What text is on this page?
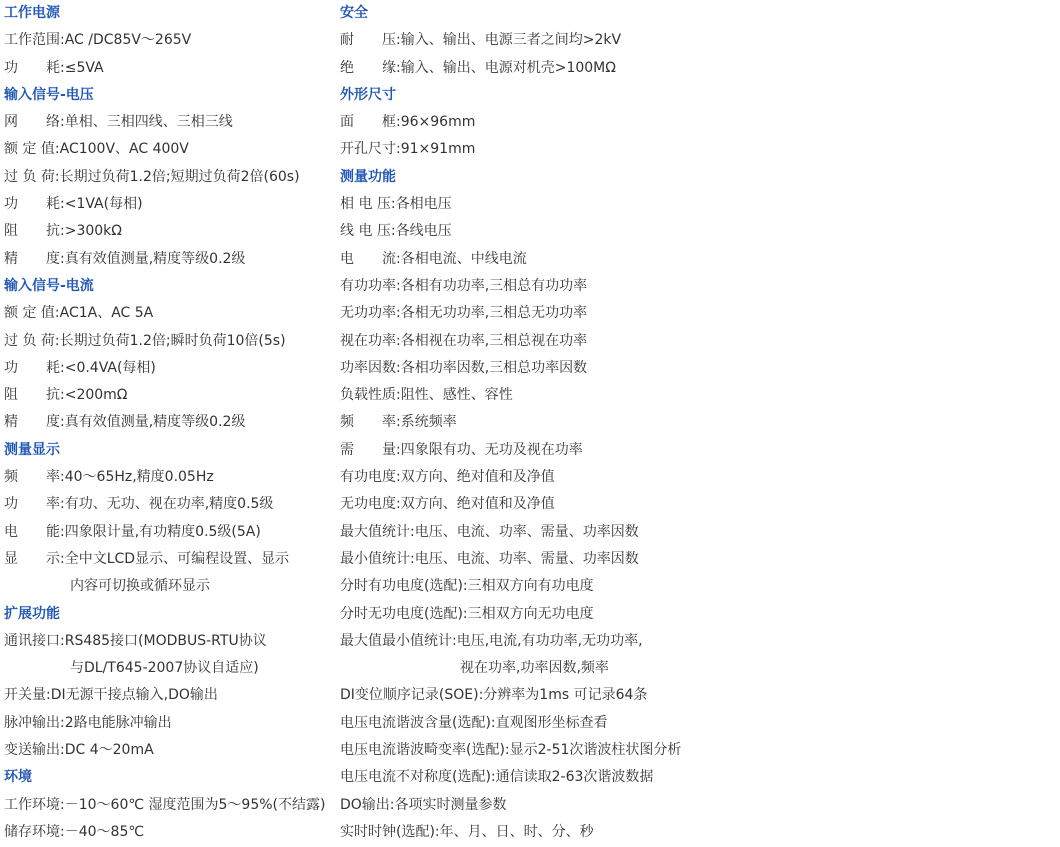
工作电源
工作范围:AC /DC85V～265V
功　　耗:≤5VA
输入信号-电压
网　　络:单相、三相四线、三相三线
额 定 值:AC100V、AC 400V
过 负 荷:长期过负荷1.2倍;短期过负荷2倍(60s)
功　　耗:<1VA(每相)
阻　　抗:>300kΩ
精　　度:真有效值测量,精度等级0.2级
输入信号-电流
额 定 值:AC1A、AC 5A
过 负 荷:长期过负荷1.2倍;瞬时负荷10倍(5s)
功　　耗:<0.4VA(每相)
阻　　抗:<200mΩ
精　　度:真有效值测量,精度等级0.2级
测量显示
频　　率:40～65Hz,精度0.05Hz
功　　率:有功、无功、视在功率,精度0.5级
电　　能:四象限计量,有功精度0.5级(5A)
显　　示:全中文LCD显示、可编程设置、显示
内容可切换或循环显示
扩展功能
通讯接口:RS485接口(MODBUS-RTU协议
与DL/T645-2007协议自适应)
开关量:DI无源干接点输入,DO输出
脉冲输出:2路电能脉冲输出
变送输出:DC 4～20mA
环境
工作环境:－10～60℃ 湿度范围为5～95%(不结露)
储存环境:－40～85℃
安全
耐　　压:输入、输出、电源三者之间均>2kV
绝　　缘:输入、输出、电源对机壳>100MΩ
外形尺寸
面　　框:96×96mm
开孔尺寸:91×91mm
测量功能
相 电 压:各相电压
线 电 压:各线电压
电　　流:各相电流、中线电流
有功功率:各相有功功率,三相总有功功率
无功功率:各相无功功率,三相总无功功率
视在功率:各相视在功率,三相总视在功率
功率因数:各相功率因数,三相总功率因数
负载性质:阻性、感性、容性
频　　率:系统频率
需　　量:四象限有功、无功及视在功率
有功电度:双方向、绝对值和及净值
无功电度:双方向、绝对值和及净值
最大值统计:电压、电流、功率、需量、功率因数
最小值统计:电压、电流、功率、需量、功率因数
分时有功电度(选配):三相双方向有功电度
分时无功电度(选配):三相双方向无功电度
最大值最小值统计:电压,电流,有功功率,无功功率,
视在功率,功率因数,频率
DI变位顺序记录(SOE):分辨率为1ms 可记录64条
电压电流谐波含量(选配):直观图形坐标查看
电压电流谐波畸变率(选配):显示2-51次谐波柱状图分析
电压电流不对称度(选配):通信读取2-63次谐波数据
DO输出:各项实时测量参数
实时时钟(选配):年、月、日、时、分、秒
